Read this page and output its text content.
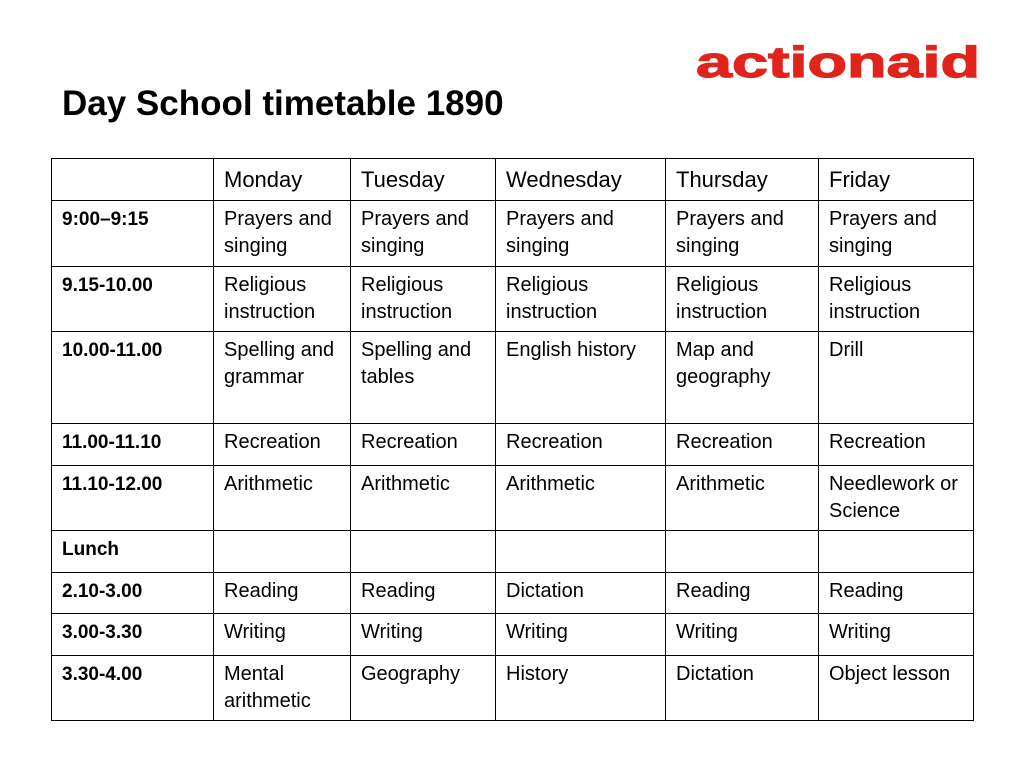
Day School timetable 1890
actionaid
	Monday	Tuesday	Wednesday	Thursday	Friday
9:00–9:15	Prayers and singing	Prayers and singing	Prayers and singing	Prayers and singing	Prayers and singing
9.15-10.00	Religious instruction	Religious instruction	Religious instruction	Religious instruction	Religious instruction
10.00-11.00	Spelling and grammar	Spelling and tables	English history	Map and geography	Drill
11.00-11.10	Recreation	Recreation	Recreation	Recreation	Recreation
11.10-12.00	Arithmetic	Arithmetic	Arithmetic	Arithmetic	Needlework or Science
Lunch					
2.10-3.00	Reading	Reading	Dictation	Reading	Reading
3.00-3.30	Writing	Writing	Writing	Writing	Writing
3.30-4.00	Mental arithmetic	Geography	History	Dictation	Object lesson
